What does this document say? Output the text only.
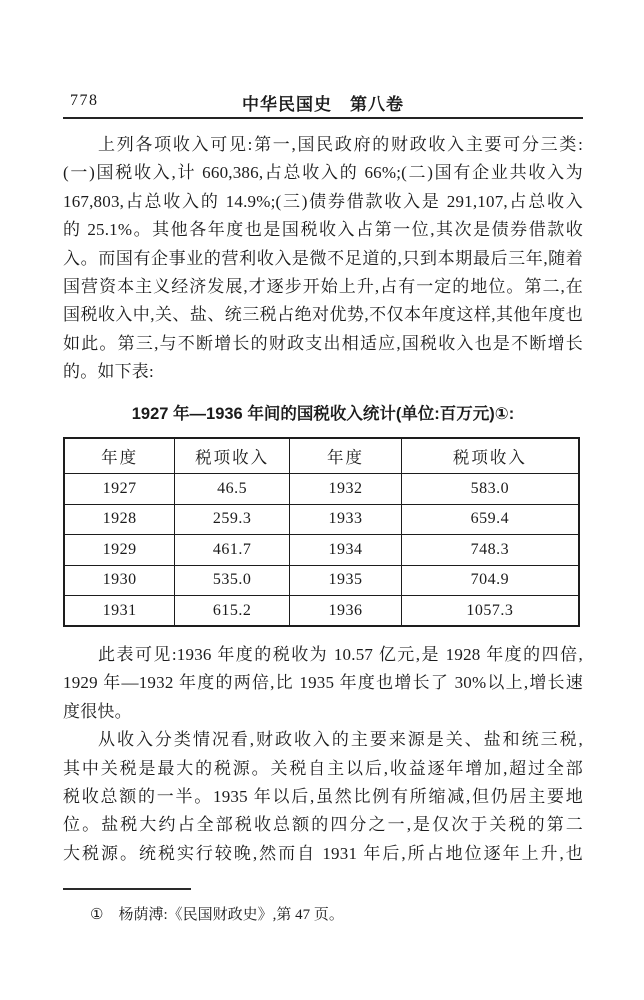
778	中华民国史　第八卷
上列各项收入可见:第一,国民政府的财政收入主要可分三类:
(一)国税收入,计 660,386,占总收入的 66%;(二)国有企业共收入为
167,803,占总收入的 14.9%;(三)债券借款收入是 291,107,占总收入
的 25.1%。其他各年度也是国税收入占第一位,其次是债券借款收
入。而国有企事业的营利收入是微不足道的,只到本期最后三年,随着
国营资本主义经济发展,才逐步开始上升,占有一定的地位。第二,在
国税收入中,关、盐、统三税占绝对优势,不仅本年度这样,其他年度也
如此。第三,与不断增长的财政支出相适应,国税收入也是不断增长
的。如下表:
1927 年—1936 年间的国税收入统计(单位:百万元)①:
年度	税项收入	年度	税项收入
1927	46.5	1932	583.0
1928	259.3	1933	659.4
1929	461.7	1934	748.3
1930	535.0	1935	704.9
1931	615.2	1936	1057.3
此表可见:1936 年度的税收为 10.57 亿元,是 1928 年度的四倍,
1929 年—1932 年度的两倍,比 1935 年度也增长了 30%以上,增长速
度很快。
从收入分类情况看,财政收入的主要来源是关、盐和统三税,
其中关税是最大的税源。关税自主以后,收益逐年增加,超过全部
税收总额的一半。1935 年以后,虽然比例有所缩减,但仍居主要地
位。盐税大约占全部税收总额的四分之一,是仅次于关税的第二
大税源。统税实行较晚,然而自 1931 年后,所占地位逐年上升,也
① 杨荫溥:《民国财政史》,第 47 页。
